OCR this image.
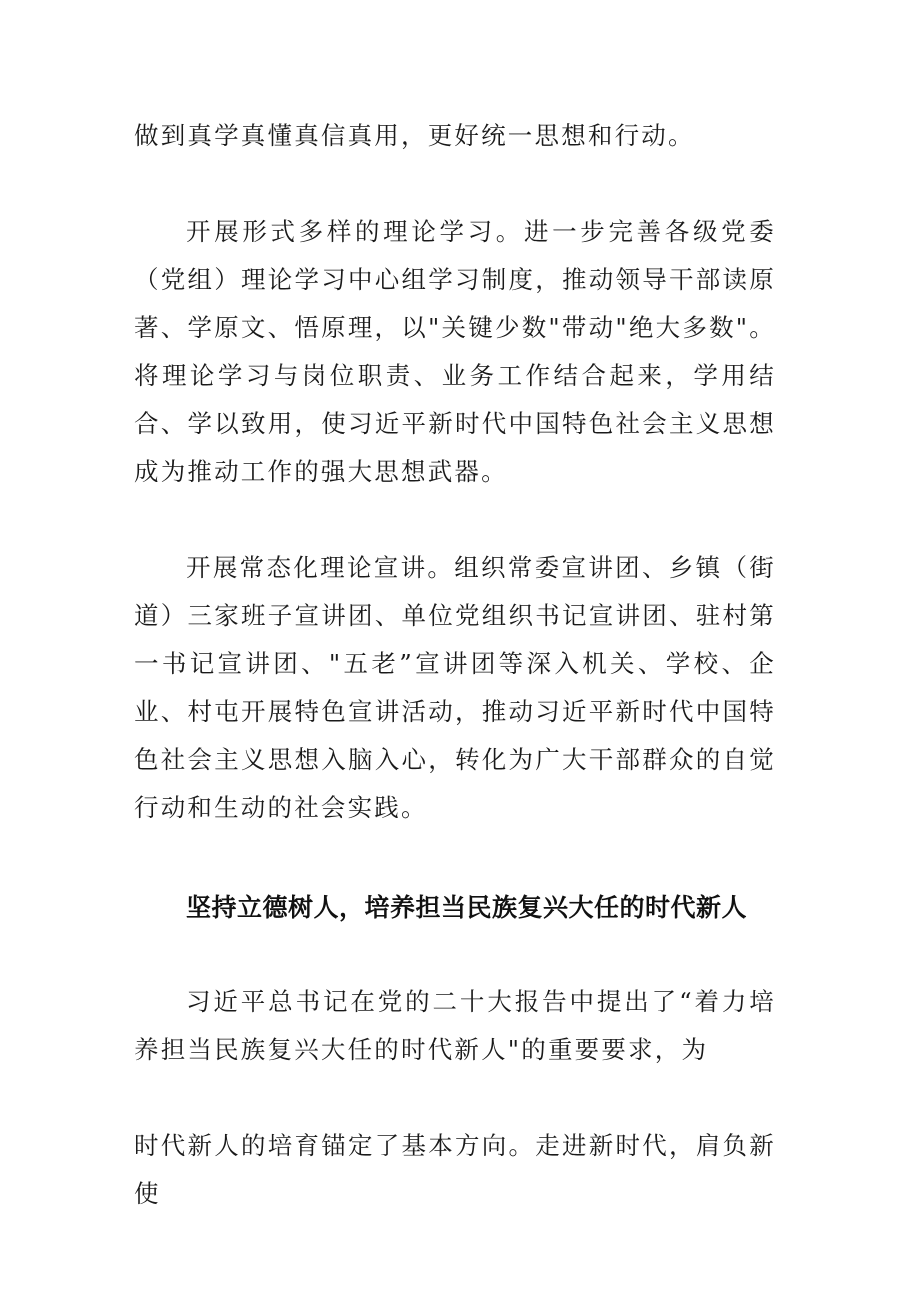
做到真学真懂真信真用，更好统一思想和行动。

开展形式多样的理论学习。进一步完善各级党委（党组）理论学习中心组学习制度，推动领导干部读原著、学原文、悟原理，以"关键少数"带动"绝大多数"。将理论学习与岗位职责、业务工作结合起来，学用结合、学以致用，使习近平新时代中国特色社会主义思想成为推动工作的强大思想武器。

开展常态化理论宣讲。组织常委宣讲团、乡镇（街道）三家班子宣讲团、单位党组织书记宣讲团、驻村第一书记宣讲团、"五老”宣讲团等深入机关、学校、企业、村屯开展特色宣讲活动，推动习近平新时代中国特色社会主义思想入脑入心，转化为广大干部群众的自觉行动和生动的社会实践。

坚持立德树人，培养担当民族复兴大任的时代新人

习近平总书记在党的二十大报告中提出了“着力培养担当民族复兴大任的时代新人"的重要要求，为

时代新人的培育锚定了基本方向。走进新时代，肩负新使
